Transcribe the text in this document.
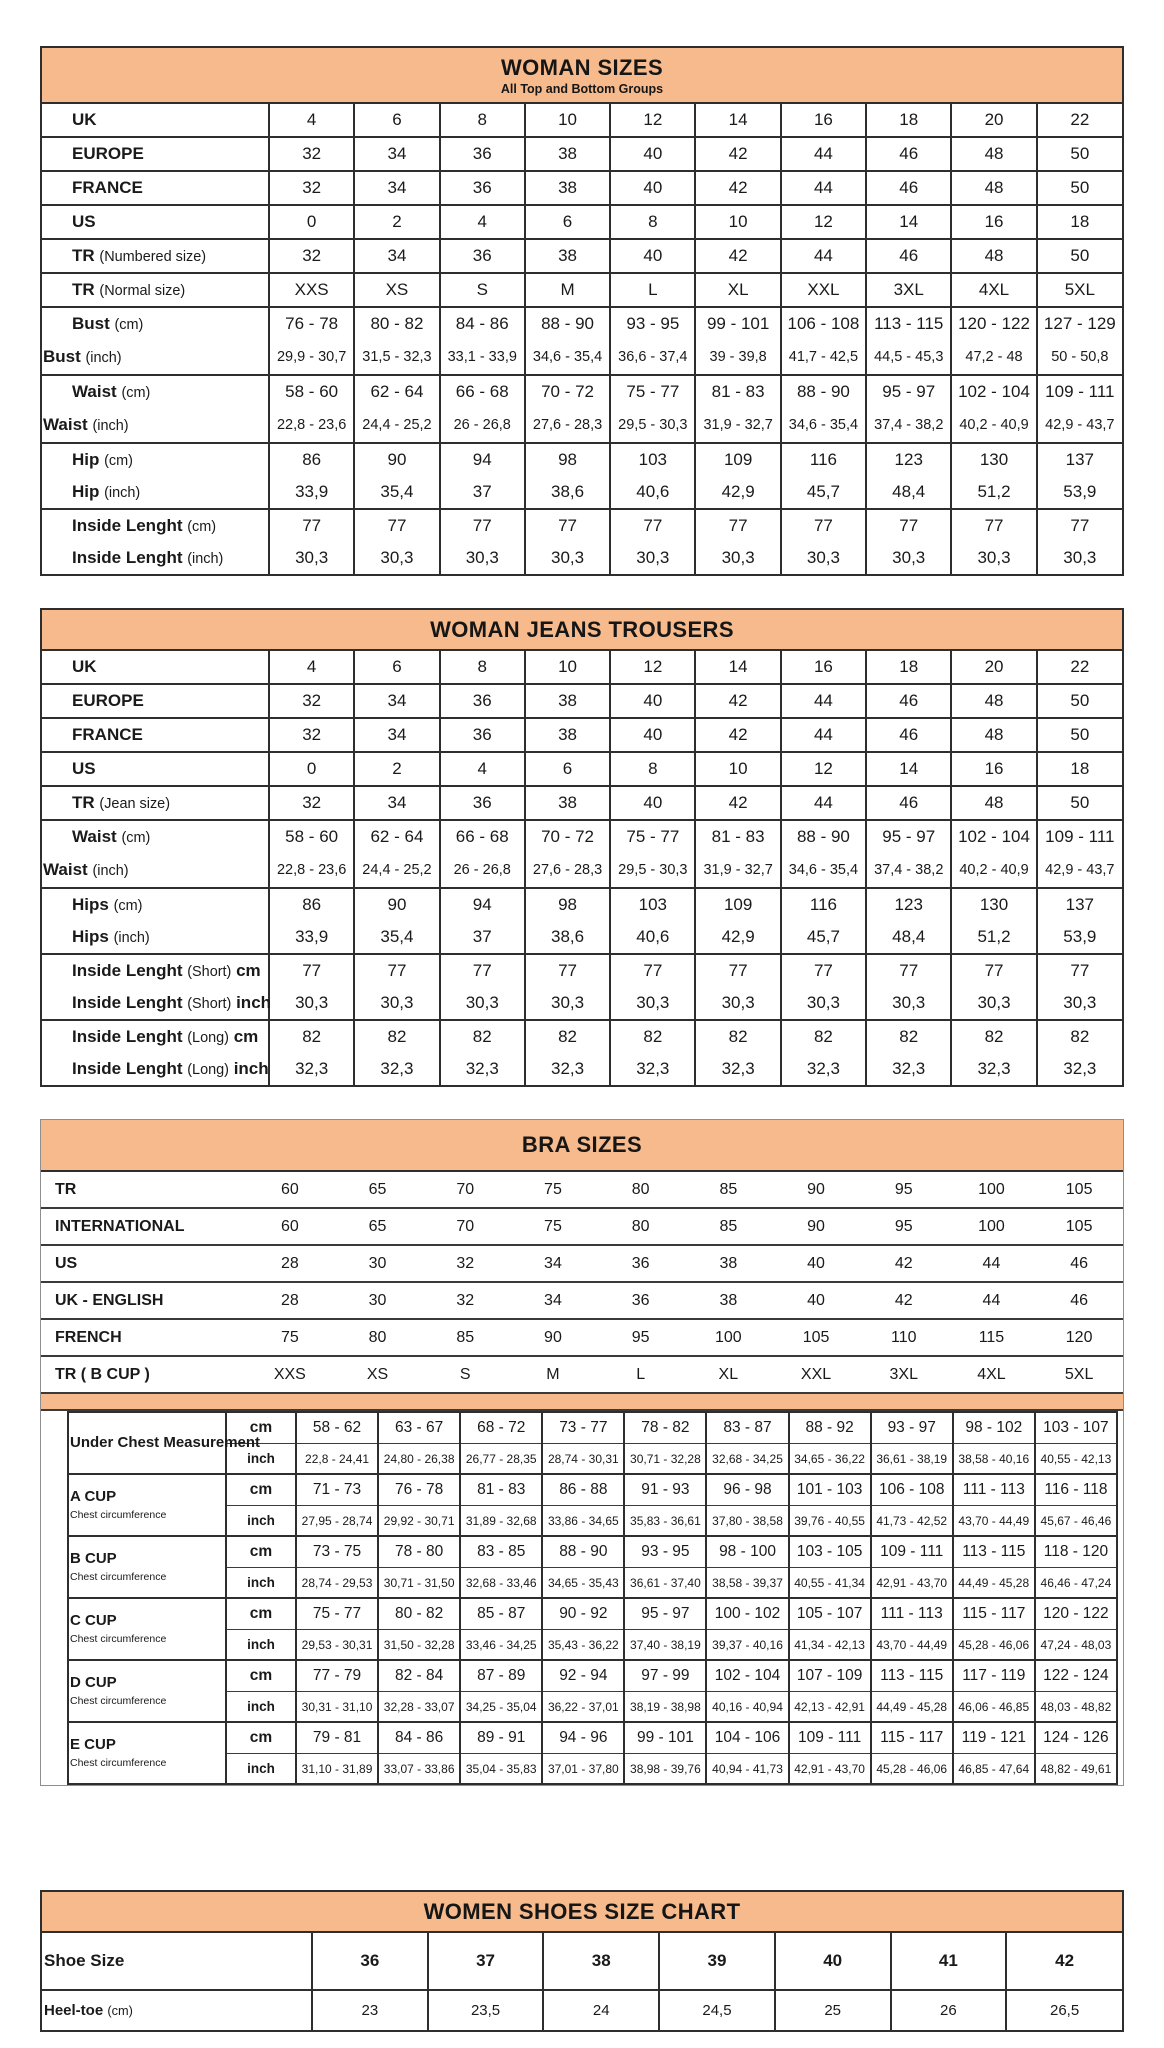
WOMAN SIZES
All Top and Bottom Groups
UK	4	6	8	10	12	14	16	18	20	22
EUROPE	32	34	36	38	40	42	44	46	48	50
FRANCE	32	34	36	38	40	42	44	46	48	50
US	0	2	4	6	8	10	12	14	16	18
TR (Numbered size)	32	34	36	38	40	42	44	46	48	50
TR (Normal size)	XXS	XS	S	M	L	XL	XXL	3XL	4XL	5XL
Bust (cm)	76 - 78	80 - 82	84 - 86	88 - 90	93 - 95	99 - 101	106 - 108	113 - 115	120 - 122	127 - 129
Bust (inch)	29,9 - 30,7	31,5 - 32,3	33,1 - 33,9	34,6 - 35,4	36,6 - 37,4	39 - 39,8	41,7 - 42,5	44,5 - 45,3	47,2 - 48	50 - 50,8
Waist (cm)	58 - 60	62 - 64	66 - 68	70 - 72	75 - 77	81 - 83	88 - 90	95 - 97	102 - 104	109 - 111
Waist (inch)	22,8 - 23,6	24,4 - 25,2	26 - 26,8	27,6 - 28,3	29,5 - 30,3	31,9 - 32,7	34,6 - 35,4	37,4 - 38,2	40,2 - 40,9	42,9 - 43,7
Hip (cm)	86	90	94	98	103	109	116	123	130	137
Hip (inch)	33,9	35,4	37	38,6	40,6	42,9	45,7	48,4	51,2	53,9
Inside Lenght (cm)	77	77	77	77	77	77	77	77	77	77
Inside Lenght (inch)	30,3	30,3	30,3	30,3	30,3	30,3	30,3	30,3	30,3	30,3
WOMAN JEANS TROUSERS
UK	4	6	8	10	12	14	16	18	20	22
EUROPE	32	34	36	38	40	42	44	46	48	50
FRANCE	32	34	36	38	40	42	44	46	48	50
US	0	2	4	6	8	10	12	14	16	18
TR (Jean size)	32	34	36	38	40	42	44	46	48	50
Waist (cm)	58 - 60	62 - 64	66 - 68	70 - 72	75 - 77	81 - 83	88 - 90	95 - 97	102 - 104	109 - 111
Waist (inch)	22,8 - 23,6	24,4 - 25,2	26 - 26,8	27,6 - 28,3	29,5 - 30,3	31,9 - 32,7	34,6 - 35,4	37,4 - 38,2	40,2 - 40,9	42,9 - 43,7
Hips (cm)	86	90	94	98	103	109	116	123	130	137
Hips (inch)	33,9	35,4	37	38,6	40,6	42,9	45,7	48,4	51,2	53,9
Inside Lenght (Short) cm	77	77	77	77	77	77	77	77	77	77
Inside Lenght (Short) inch	30,3	30,3	30,3	30,3	30,3	30,3	30,3	30,3	30,3	30,3
Inside Lenght (Long) cm	82	82	82	82	82	82	82	82	82	82
Inside Lenght (Long) inch	32,3	32,3	32,3	32,3	32,3	32,3	32,3	32,3	32,3	32,3
BRA SIZES
TR	60	65	70	75	80	85	90	95	100	105
INTERNATIONAL	60	65	70	75	80	85	90	95	100	105
US	28	30	32	34	36	38	40	42	44	46
UK - ENGLISH	28	30	32	34	36	38	40	42	44	46
FRENCH	75	80	85	90	95	100	105	110	115	120
TR ( B CUP )	XXS	XS	S	M	L	XL	XXL	3XL	4XL	5XL
Under Chest Measurement	cm	58 - 62	63 - 67	68 - 72	73 - 77	78 - 82	83 - 87	88 - 92	93 - 97	98 - 102	103 - 107
	inch	22,8 - 24,41	24,80 - 26,38	26,77 - 28,35	28,74 - 30,31	30,71 - 32,28	32,68 - 34,25	34,65 - 36,22	36,61 - 38,19	38,58 - 40,16	40,55 - 42,13
A CUP
Chest circumference	cm	71 - 73	76 - 78	81 - 83	86 - 88	91 - 93	96 - 98	101 - 103	106 - 108	111 - 113	116 - 118
	inch	27,95 - 28,74	29,92 - 30,71	31,89 - 32,68	33,86 - 34,65	35,83 - 36,61	37,80 - 38,58	39,76 - 40,55	41,73 - 42,52	43,70 - 44,49	45,67 - 46,46
B CUP
Chest circumference	cm	73 - 75	78 - 80	83 - 85	88 - 90	93 - 95	98 - 100	103 - 105	109 - 111	113 - 115	118 - 120
	inch	28,74 - 29,53	30,71 - 31,50	32,68 - 33,46	34,65 - 35,43	36,61 - 37,40	38,58 - 39,37	40,55 - 41,34	42,91 - 43,70	44,49 - 45,28	46,46 - 47,24
C CUP
Chest circumference	cm	75 - 77	80 - 82	85 - 87	90 - 92	95 - 97	100 - 102	105 - 107	111 - 113	115 - 117	120 - 122
	inch	29,53 - 30,31	31,50 - 32,28	33,46 - 34,25	35,43 - 36,22	37,40 - 38,19	39,37 - 40,16	41,34 - 42,13	43,70 - 44,49	45,28 - 46,06	47,24 - 48,03
D CUP
Chest circumference	cm	77 - 79	82 - 84	87 - 89	92 - 94	97 - 99	102 - 104	107 - 109	113 - 115	117 - 119	122 - 124
	inch	30,31 - 31,10	32,28 - 33,07	34,25 - 35,04	36,22 - 37,01	38,19 - 38,98	40,16 - 40,94	42,13 - 42,91	44,49 - 45,28	46,06 - 46,85	48,03 - 48,82
E CUP
Chest circumference	cm	79 - 81	84 - 86	89 - 91	94 - 96	99 - 101	104 - 106	109 - 111	115 - 117	119 - 121	124 - 126
	inch	31,10 - 31,89	33,07 - 33,86	35,04 - 35,83	37,01 - 37,80	38,98 - 39,76	40,94 - 41,73	42,91 - 43,70	45,28 - 46,06	46,85 - 47,64	48,82 - 49,61
WOMEN SHOES SIZE CHART
Shoe Size	36	37	38	39	40	41	42
Heel-toe (cm)	23	23,5	24	24,5	25	26	26,5
